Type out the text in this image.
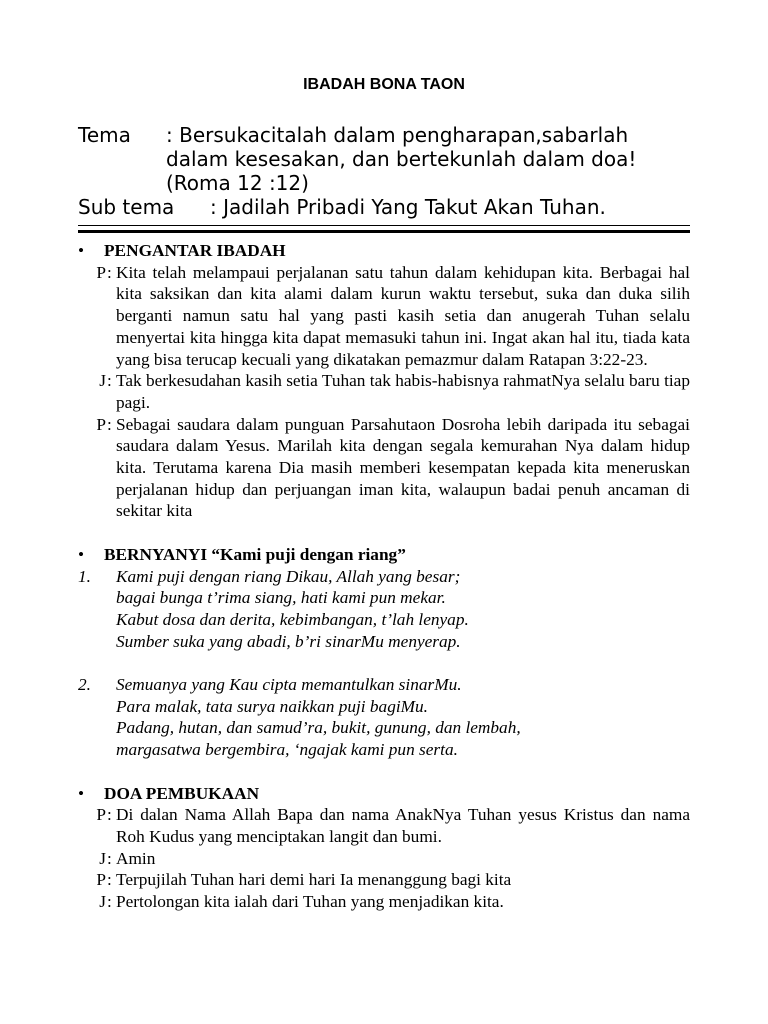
IBADAH BONA TAON
Tema	: Bersukacitalah dalam pengharapan,sabarlah
dalam kesesakan, dan bertekunlah dalam doa!
(Roma 12 :12)
Sub tema	: Jadilah Pribadi Yang Takut Akan Tuhan.
•	PENGANTAR IBADAH
P : Kita telah melampaui perjalanan satu tahun dalam kehidupan kita. Berbagai hal kita saksikan dan kita alami dalam kurun waktu tersebut, suka dan duka silih berganti namun satu hal yang pasti kasih setia dan anugerah Tuhan selalu menyertai kita hingga kita dapat memasuki tahun ini. Ingat akan hal itu, tiada kata yang bisa terucap kecuali yang dikatakan pemazmur dalam Ratapan 3:22-23.
J : Tak berkesudahan kasih setia Tuhan tak habis-habisnya rahmatNya selalu baru tiap pagi.
P : Sebagai saudara dalam punguan Parsahutaon Dosroha lebih daripada itu sebagai saudara dalam Yesus. Marilah kita dengan segala kemurahan Nya dalam hidup kita. Terutama karena Dia masih memberi kesempatan kepada kita meneruskan perjalanan hidup dan perjuangan iman kita, walaupun badai penuh ancaman di sekitar kita
•	BERNYANYI “Kami puji dengan riang”
1.	Kami puji dengan riang Dikau, Allah yang besar;
bagai bunga t’rima siang, hati kami pun mekar.
Kabut dosa dan derita, kebimbangan, t’lah lenyap.
Sumber suka yang abadi, b’ri sinarMu menyerap.
2.	Semuanya yang Kau cipta memantulkan sinarMu.
Para malak, tata surya naikkan puji bagiMu.
Padang, hutan, dan samud’ra, bukit, gunung, dan lembah,
margasatwa bergembira, ‘ngajak kami pun serta.
•	DOA PEMBUKAAN
P : Di dalan Nama Allah Bapa dan nama AnakNya Tuhan yesus Kristus dan nama Roh Kudus yang menciptakan langit dan bumi.
J : Amin
P : Terpujilah Tuhan hari demi hari Ia menanggung bagi kita
J : Pertolongan kita ialah dari Tuhan yang menjadikan kita.
